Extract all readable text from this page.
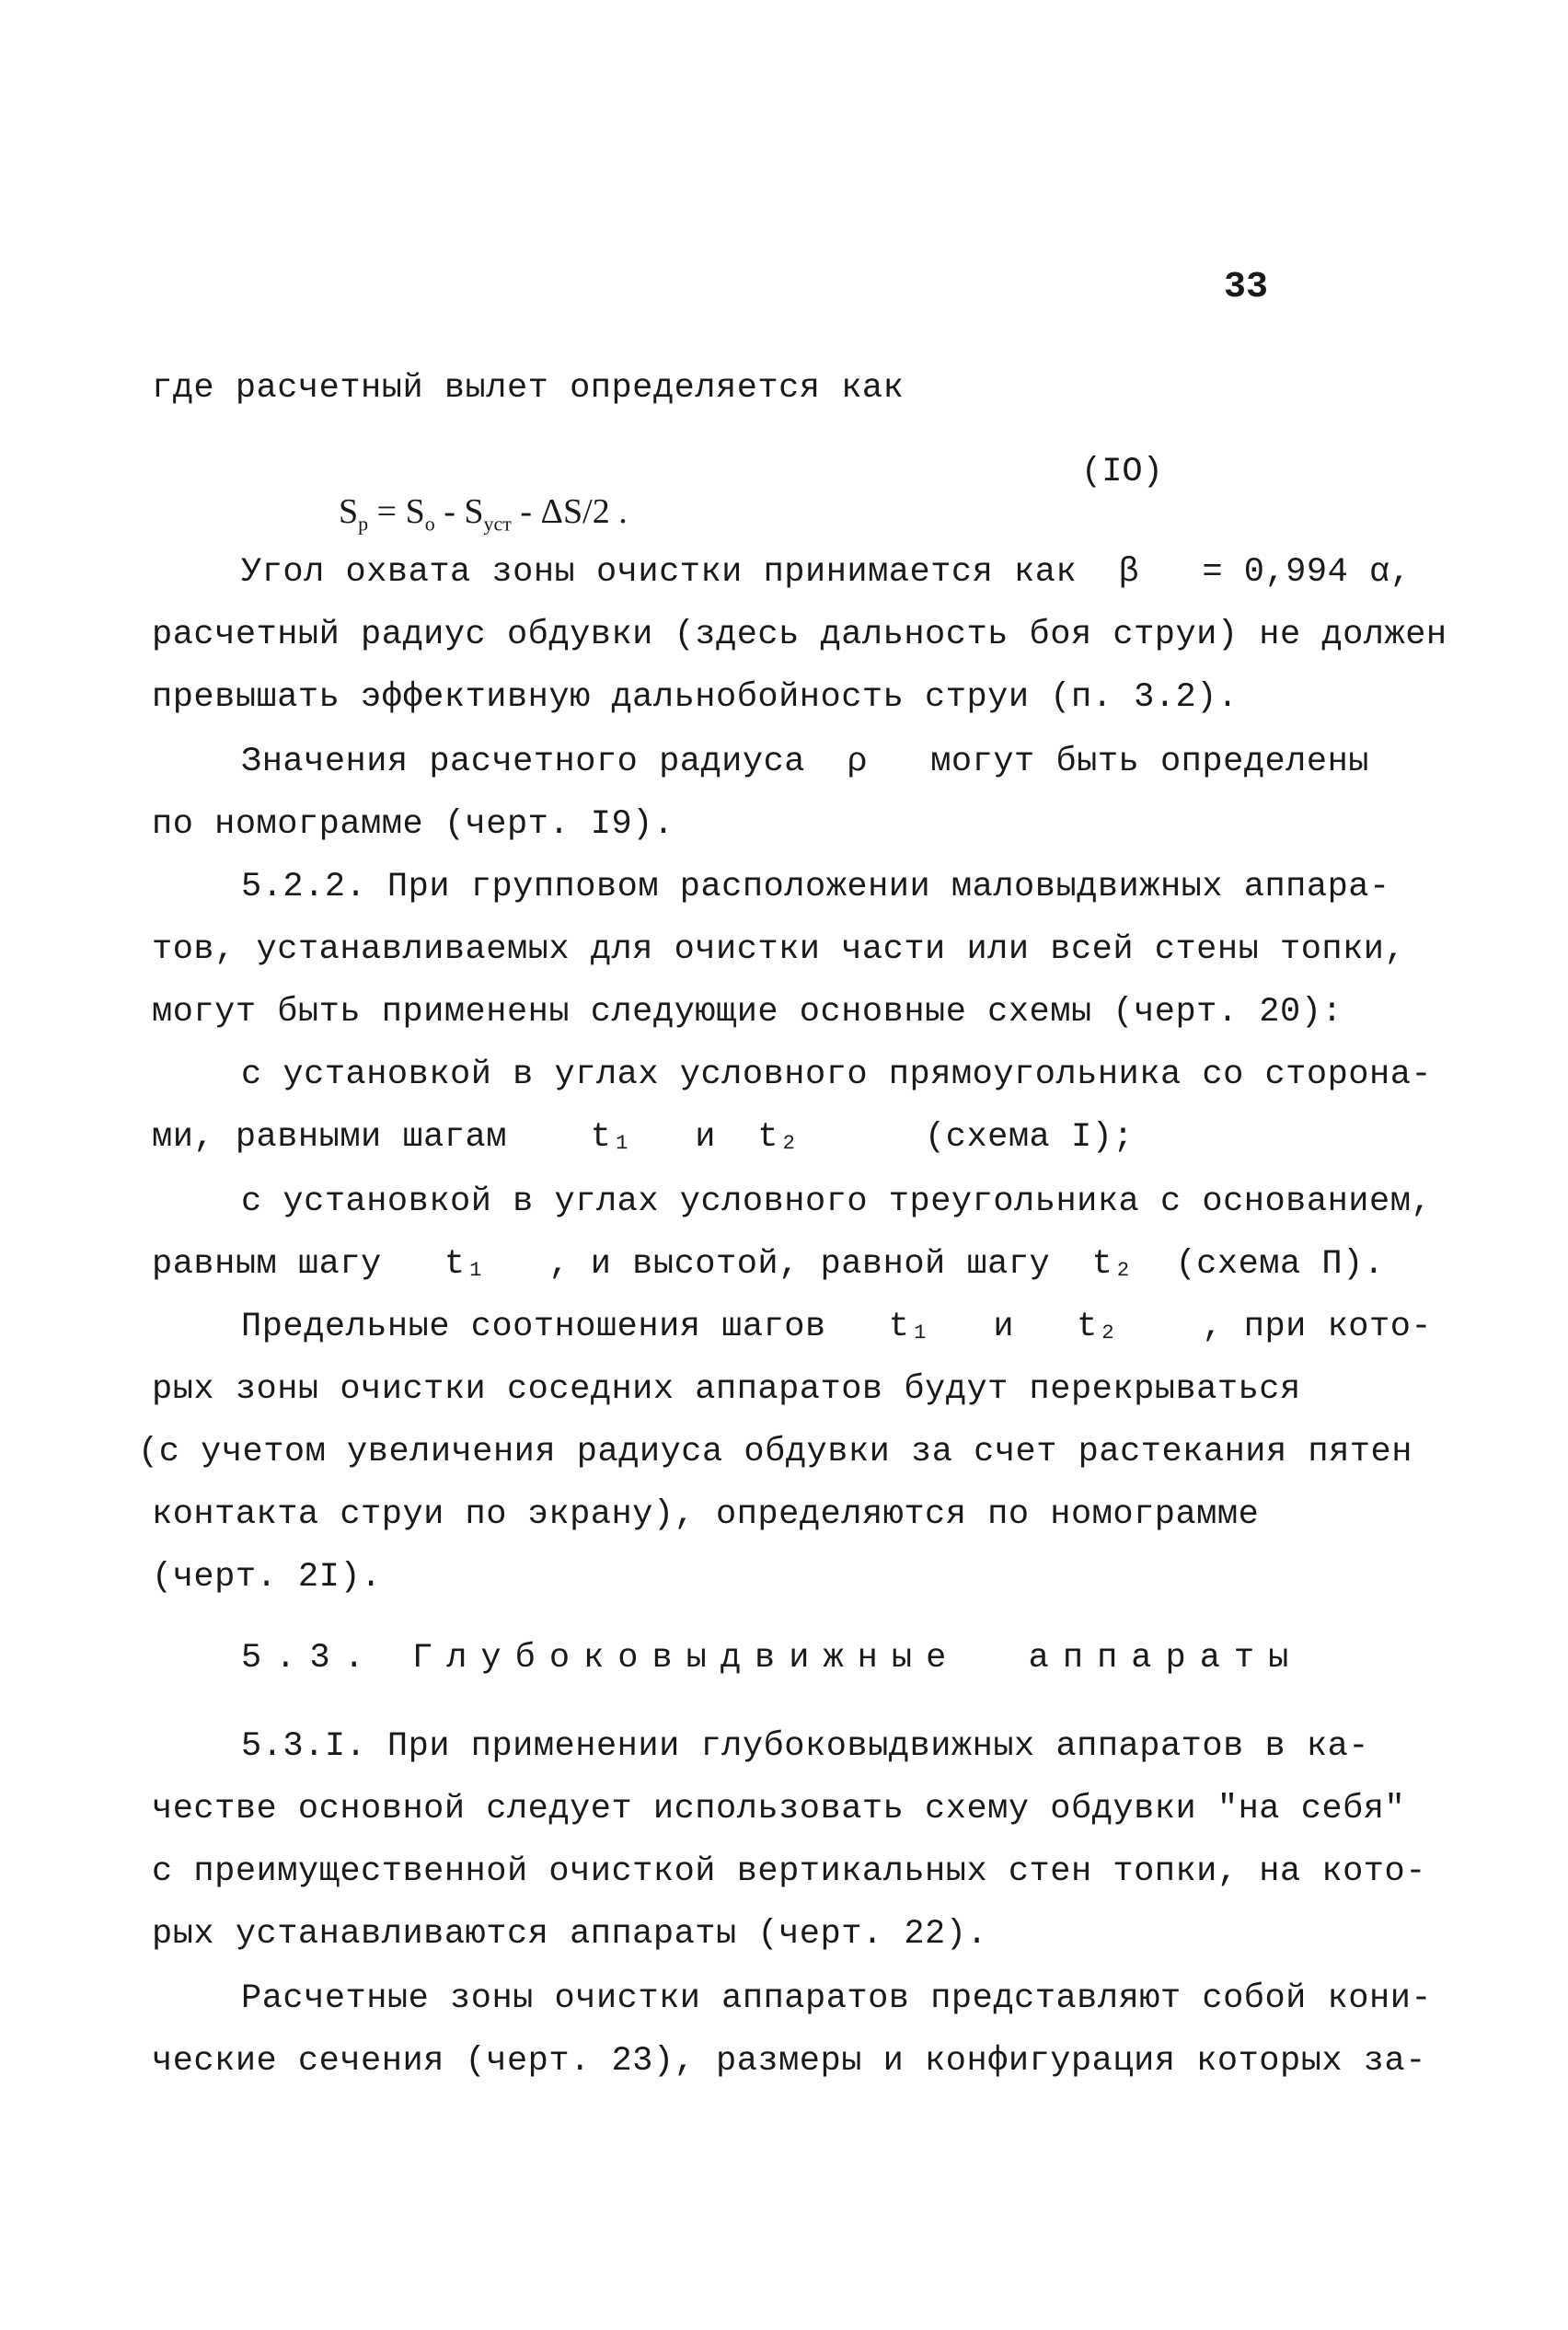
33
где расчетный вылет определяется как

$S_р = S_о - S_{уст} - \Delta S/2$ .

(IO)
Угол охвата зоны очистки принимается как  β   = 0,994 α,
расчетный радиус обдувки (здесь дальность боя струи) не должен
превышать эффективную дальнобойность струи (п. 3.2).
Значения расчетного радиуса  ρ   могут быть определены
по номограмме (черт. I9).
5.2.2. При групповом расположении маловыдвижных аппара-
тов, устанавливаемых для очистки части или всей стены топки,
могут быть применены следующие основные схемы (черт. 20):
с установкой в углах условного прямоугольника со сторона-
ми, равными шагам    t₁   и  t₂      (схема I);
с установкой в углах условного треугольника с основанием,
равным шагу   t₁   , и высотой, равной шагу  t₂  (схема П).
Предельные соотношения шагов   t₁   и   t₂    , при кото-
рых зоны очистки соседних аппаратов будут перекрываться
(с учетом увеличения радиуса обдувки за счет растекания пятен
контакта струи по экрану), определяются по номограмме
(черт. 2I).
5.3. Глубоковыдвижные  аппараты
5.3.I. При применении глубоковыдвижных аппаратов в ка-
честве основной следует использовать схему обдувки "на себя"
с преимущественной очисткой вертикальных стен топки, на кото-
рых устанавливаются аппараты (черт. 22).
Расчетные зоны очистки аппаратов представляют собой кони-
ческие сечения (черт. 23), размеры и конфигурация которых за-
